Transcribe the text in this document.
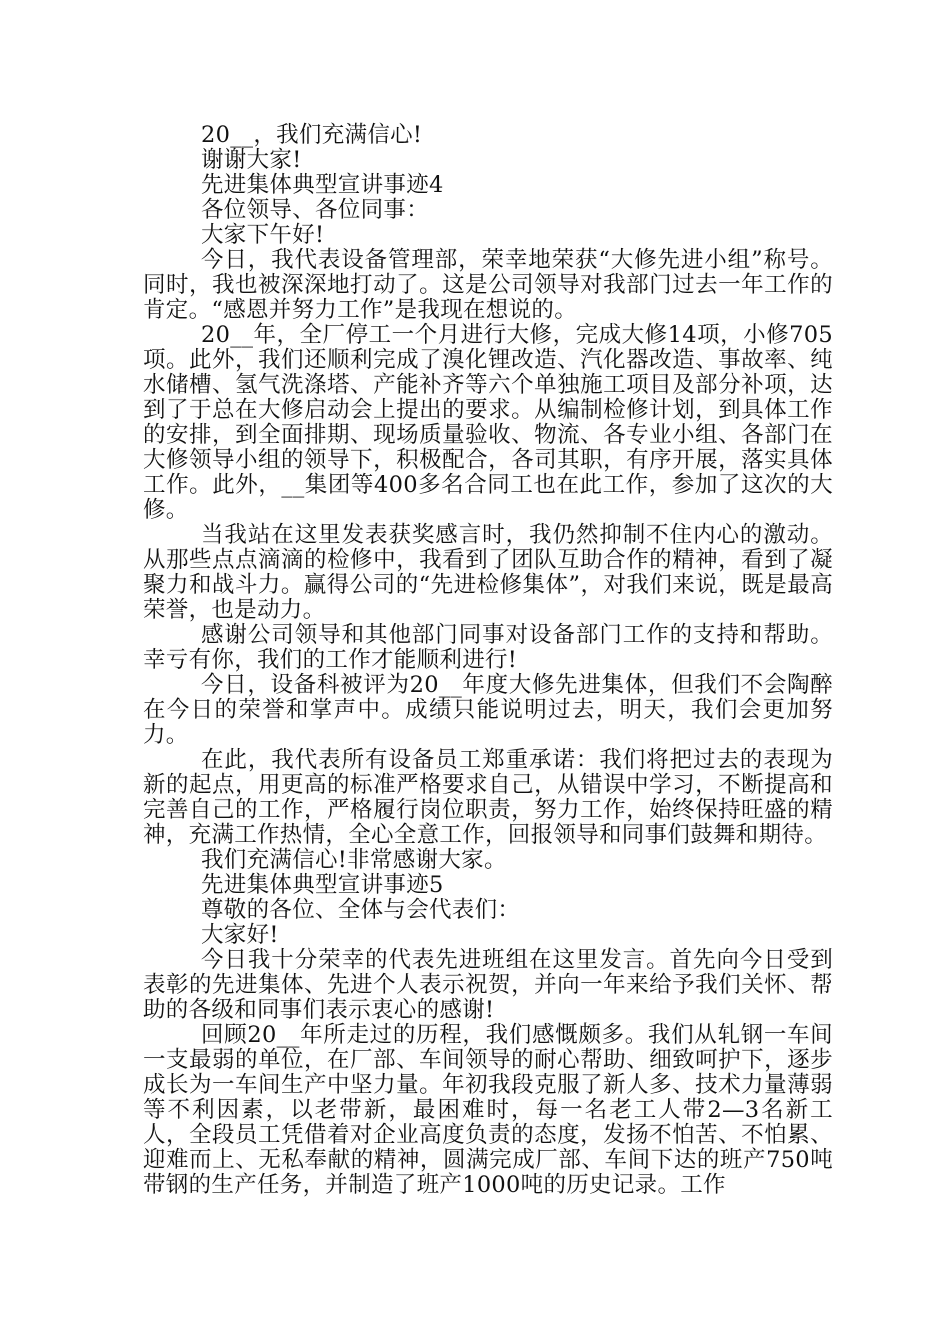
20__，我们充满信心!

谢谢大家!

先进集体典型宣讲事迹4

各位领导、各位同事：

大家下午好!

今日，我代表设备管理部，荣幸地荣获“大修先进小组”称号。同时，我也被深深地打动了。这是公司领导对我部门过去一年工作的肯定。“感恩并努力工作”是我现在想说的。

20__年，全厂停工一个月进行大修，完成大修14项，小修705项。此外，我们还顺利完成了溴化锂改造、汽化器改造、事故率、纯水储槽、氢气洗涤塔、产能补齐等六个单独施工项目及部分补项，达到了于总在大修启动会上提出的要求。从编制检修计划，到具体工作的安排，到全面排期、现场质量验收、物流、各专业小组、各部门在大修领导小组的领导下，积极配合，各司其职，有序开展，落实具体工作。此外，__集团等400多名合同工也在此工作，参加了这次的大修。

当我站在这里发表获奖感言时，我仍然抑制不住内心的激动。从那些点点滴滴的检修中，我看到了团队互助合作的精神，看到了凝聚力和战斗力。赢得公司的“先进检修集体”，对我们来说，既是最高荣誉，也是动力。

感谢公司领导和其他部门同事对设备部门工作的支持和帮助。幸亏有你，我们的工作才能顺利进行!

今日，设备科被评为20__年度大修先进集体，但我们不会陶醉在今日的荣誉和掌声中。成绩只能说明过去，明天，我们会更加努力。

在此，我代表所有设备员工郑重承诺：我们将把过去的表现为新的起点，用更高的标准严格要求自己，从错误中学习，不断提高和完善自己的工作，严格履行岗位职责，努力工作，始终保持旺盛的精神，充满工作热情，全心全意工作，回报领导和同事们鼓舞和期待。

我们充满信心!非常感谢大家。

先进集体典型宣讲事迹5

尊敬的各位、全体与会代表们：

大家好!

今日我十分荣幸的代表先进班组在这里发言。首先向今日受到表彰的先进集体、先进个人表示祝贺，并向一年来给予我们关怀、帮助的各级和同事们表示衷心的感谢!

回顾20__年所走过的历程，我们感慨颇多。我们从轧钢一车间一支最弱的单位，在厂部、车间领导的耐心帮助、细致呵护下，逐步成长为一车间生产中坚力量。年初我段克服了新人多、技术力量薄弱等不利因素，以老带新，最困难时，每一名老工人带2—3名新工人，全段员工凭借着对企业高度负责的态度，发扬不怕苦、不怕累、迎难而上、无私奉献的精神，圆满完成厂部、车间下达的班产750吨带钢的生产任务，并制造了班产1000吨的历史记录。工作
